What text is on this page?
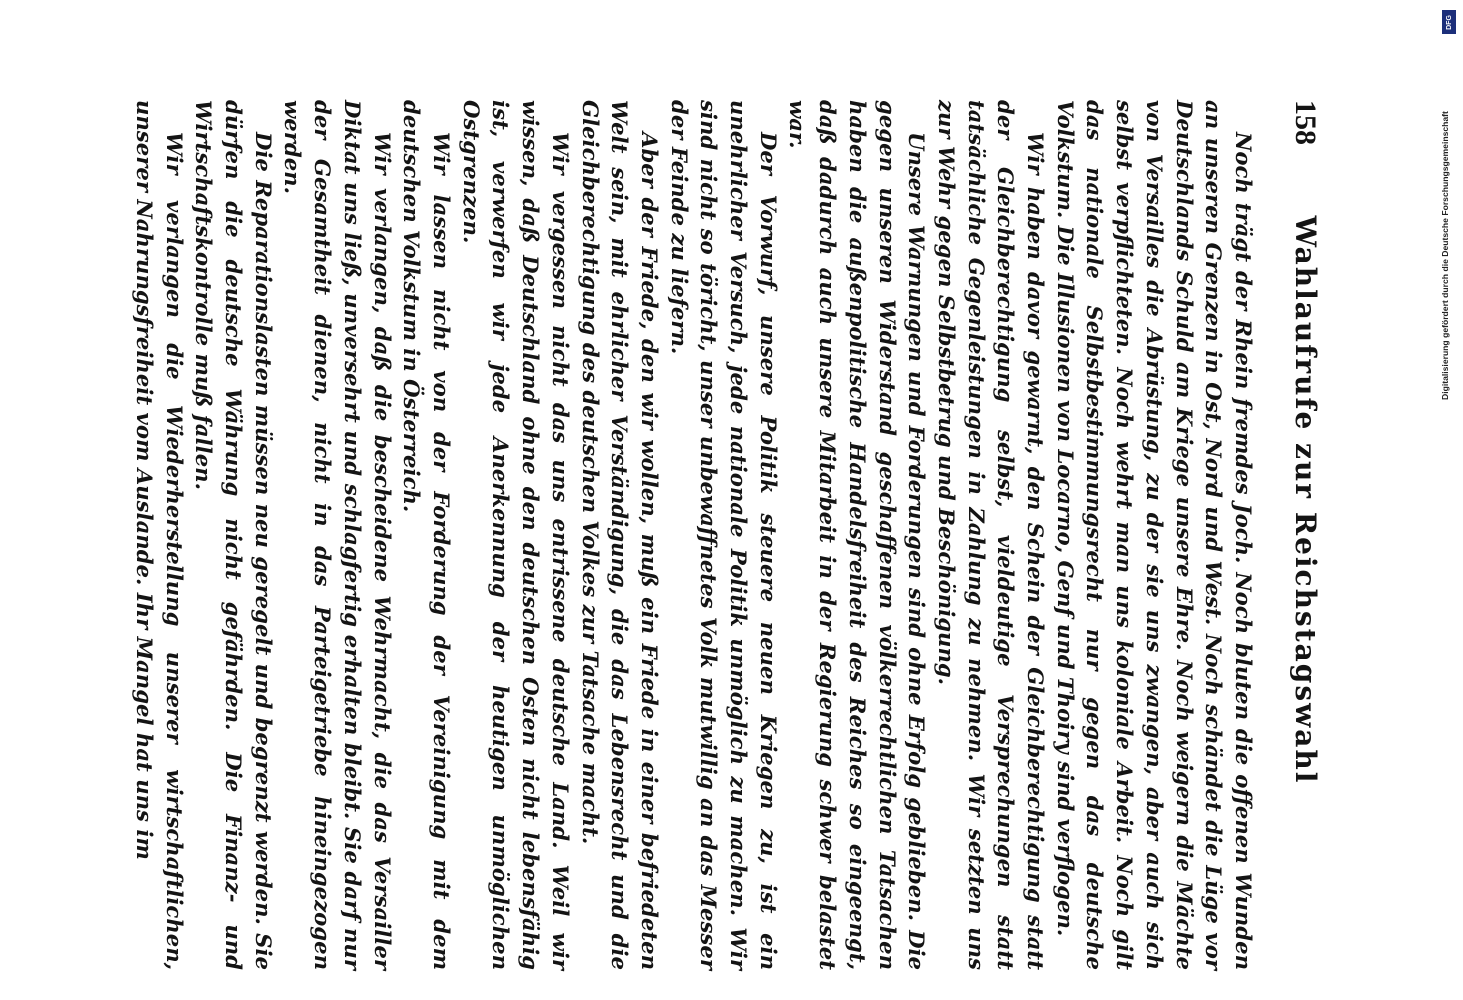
158
Wahlaufrufe zur Reichstagswahl

Noch trägt der Rhein fremdes Joch. Noch bluten die offenen Wunden an unseren Grenzen in Ost, Nord und West. Noch schändet die Lüge vor Deutschlands Schuld am Kriege unsere Ehre. Noch weigern die Mächte von Versailles die Abrüstung, zu der sie uns zwangen, aber auch sich selbst verpflichteten. Noch wehrt man uns koloniale Arbeit. Noch gilt das nationale Selbstbestimmungsrecht nur gegen das deutsche Volkstum. Die Illusionen von Locarno, Genf und Thoiry sind verflogen.

Wir haben davor gewarnt, den Schein der Gleichberechtigung statt der Gleichberechtigung selbst, vieldeutige Versprechungen statt tatsächliche Gegenleistungen in Zahlung zu nehmen. Wir setzten uns zur Wehr gegen Selbstbetrug und Beschönigung.

Unsere Warnungen und Forderungen sind ohne Erfolg geblieben. Die gegen unseren Widerstand geschaffenen völkerrechtlichen Tatsachen haben die außenpolitische Handelsfreiheit des Reiches so eingeengt, daß dadurch auch unsere Mitarbeit in der Regierung schwer belastet war.

Der Vorwurf, unsere Politik steuere neuen Kriegen zu, ist ein unehrlicher Versuch, jede nationale Politik unmöglich zu machen. Wir sind nicht so töricht, unser unbewaffnetes Volk mutwillig an das Messer der Feinde zu liefern.

Aber der Friede, den wir wollen, muß ein Friede in einer befriedeten Welt sein, mit ehrlicher Verständigung, die das Lebensrecht und die Gleichberechtigung des deutschen Volkes zur Tatsache macht.

Wir vergessen nicht das uns entrissene deutsche Land. Weil wir wissen, daß Deutschland ohne den deutschen Osten nicht lebensfähig ist, verwerfen wir jede Anerkennung der heutigen unmöglichen Ostgrenzen.

Wir lassen nicht von der Forderung der Vereinigung mit dem deutschen Volkstum in Österreich.

Wir verlangen, daß die bescheidene Wehrmacht, die das Versailler Diktat uns ließ, unversehrt und schlagfertig erhalten bleibt. Sie darf nur der Gesamtheit dienen, nicht in das Parteigetriebe hineingezogen werden.

Die Reparationslasten müssen neu geregelt und begrenzt werden. Sie dürfen die deutsche Währung nicht gefährden. Die Finanz- und Wirtschaftskontrolle muß fallen.

Wir verlangen die Wiederherstellung unserer wirtschaftlichen, unserer Nahrungsfreiheit vom Auslande. Ihr Mangel hat uns im

DFG
Digitalisierung gefördert durch die Deutsche Forschungsgemeinschaft
